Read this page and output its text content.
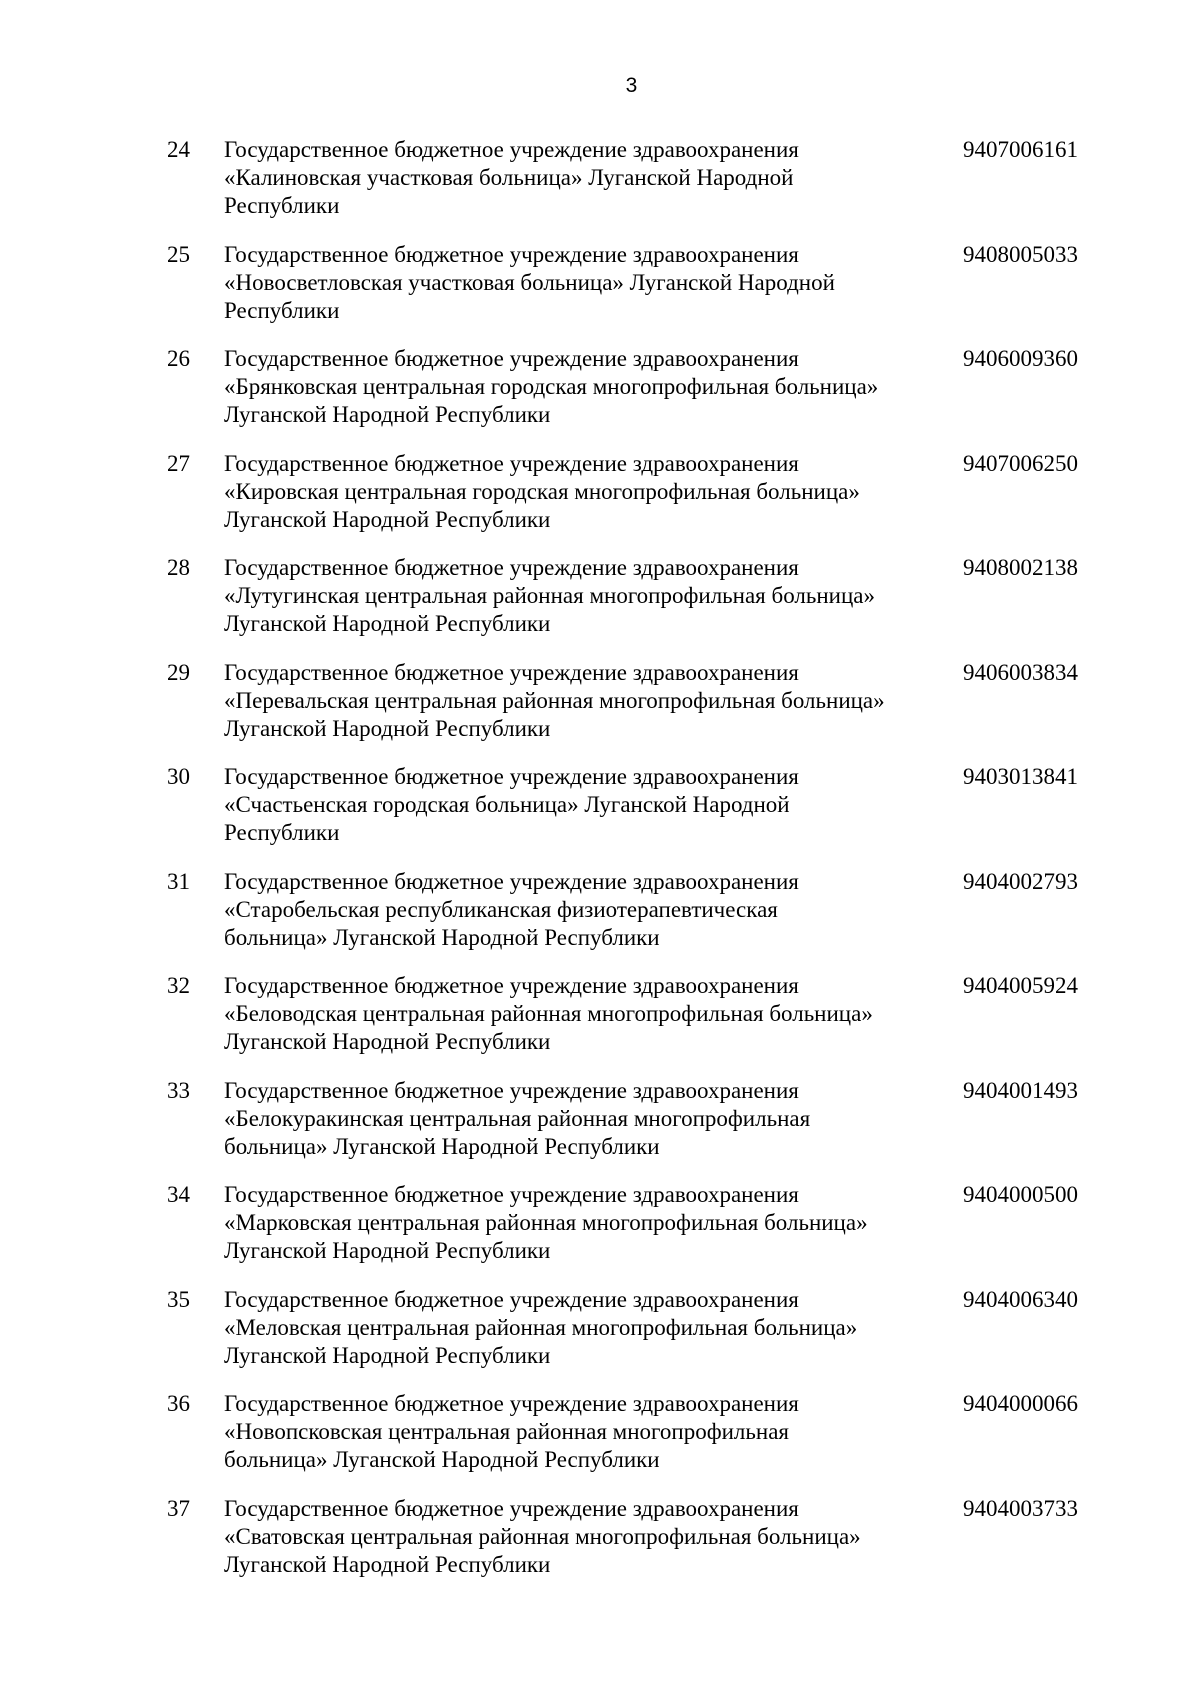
3
24 Государственное бюджетное учреждение здравоохранения
«Калиновская участковая больница» Луганской Народной
Республики
9407006161
25 Государственное бюджетное учреждение здравоохранения
«Новосветловская участковая больница» Луганской Народной
Республики
9408005033
26 Государственное бюджетное учреждение здравоохранения
«Брянковская центральная городская многопрофильная больница»
Луганской Народной Республики
9406009360
27 Государственное бюджетное учреждение здравоохранения
«Кировская центральная городская многопрофильная больница»
Луганской Народной Республики
9407006250
28 Государственное бюджетное учреждение здравоохранения
«Лутугинская центральная районная многопрофильная больница»
Луганской Народной Республики
9408002138
29 Государственное бюджетное учреждение здравоохранения
«Перевальская центральная районная многопрофильная больница»
Луганской Народной Республики
9406003834
30 Государственное бюджетное учреждение здравоохранения
«Счастьенская городская больница» Луганской Народной
Республики
9403013841
31 Государственное бюджетное учреждение здравоохранения
«Старобельская республиканская физиотерапевтическая
больница» Луганской Народной Республики
9404002793
32 Государственное бюджетное учреждение здравоохранения
«Беловодская центральная районная многопрофильная больница»
Луганской Народной Республики
9404005924
33 Государственное бюджетное учреждение здравоохранения
«Белокуракинская центральная районная многопрофильная
больница» Луганской Народной Республики
9404001493
34 Государственное бюджетное учреждение здравоохранения
«Марковская центральная районная многопрофильная больница»
Луганской Народной Республики
9404000500
35 Государственное бюджетное учреждение здравоохранения
«Меловская центральная районная многопрофильная больница»
Луганской Народной Республики
9404006340
36 Государственное бюджетное учреждение здравоохранения
«Новопсковская центральная районная многопрофильная
больница» Луганской Народной Республики
9404000066
37 Государственное бюджетное учреждение здравоохранения
«Сватовская центральная районная многопрофильная больница»
Луганской Народной Республики
9404003733
